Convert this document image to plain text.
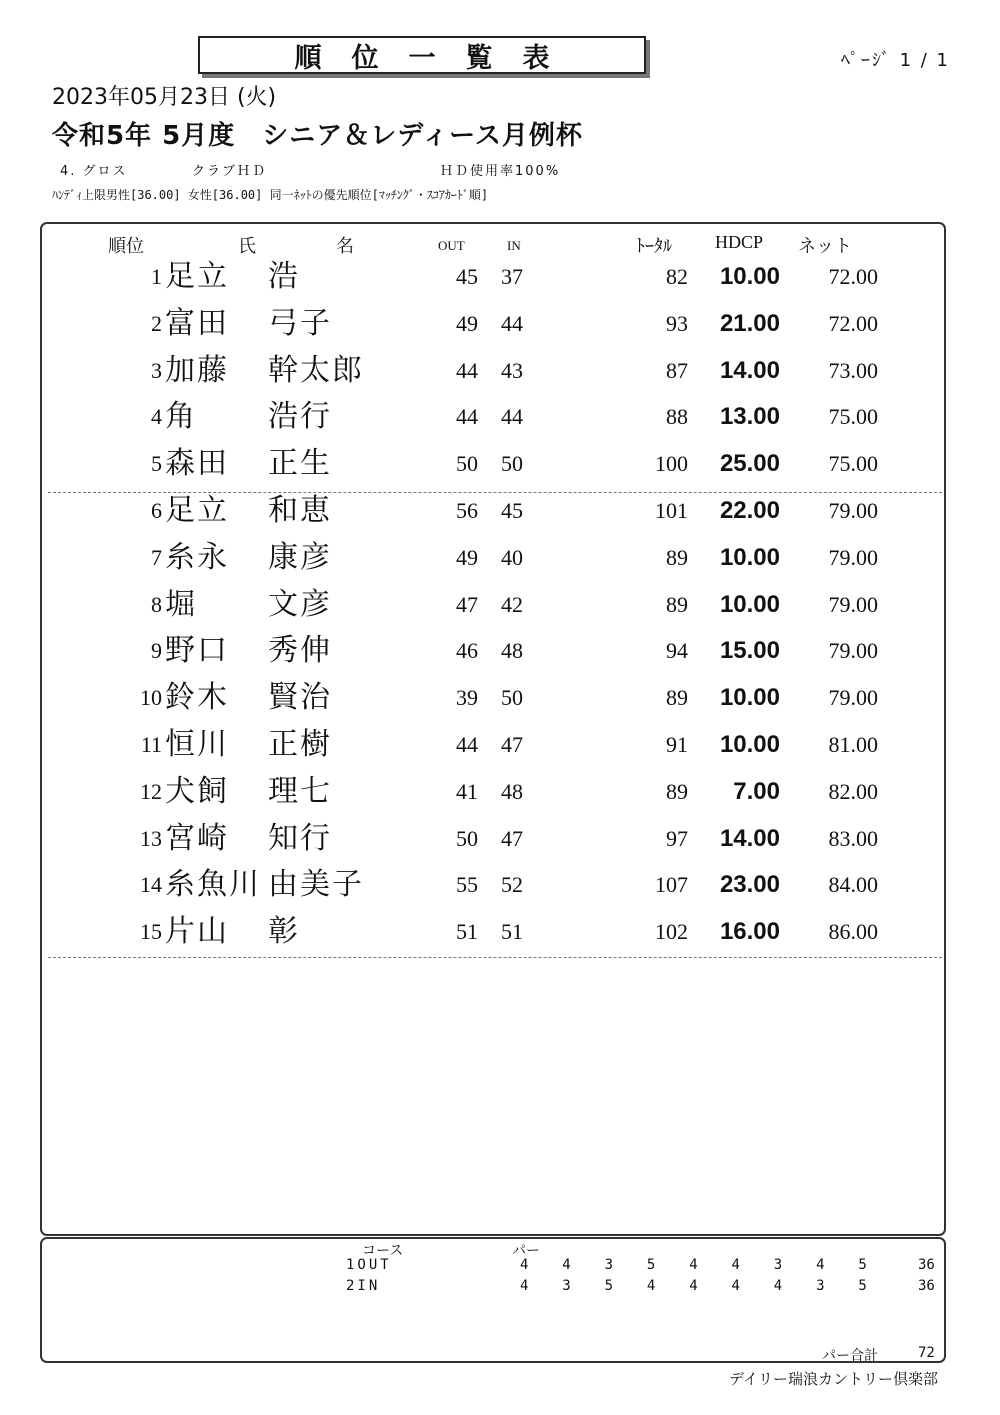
順位一覧表	ﾍﾟｰｼﾞ 1 / 1
2023年05月23日 (火)
令和5年 5月度　シニア＆レディース月例杯
4. グロス	クラブＨＤ	ＨＤ使用率100%
ﾊﾝﾃﾞｨ上限男性[36.00] 女性[36.00] 同一ﾈｯﾄの優先順位[ﾏｯﾁﾝｸﾞ・ｽｺｱｶｰﾄﾞ順]
順位	氏	名	OUT	IN	ﾄｰﾀﾙ HDCP ネット
1 足立 浩	45	37	82	10.00	72.00
2 富田 弓子	49	44	93	21.00	72.00
3 加藤 幹太郎	44	43	87	14.00	73.00
4 角 浩行	44	44	88	13.00	75.00
5 森田 正生	50	50	100	25.00	75.00
6 足立 和恵	56	45	101	22.00	79.00
7 糸永 康彦	49	40	89	10.00	79.00
8 堀 文彦	47	42	89	10.00	79.00
9 野口 秀伸	46	48	94	15.00	79.00
10 鈴木 賢治	39	50	89	10.00	79.00
11 恒川 正樹	44	47	91	10.00	81.00
12 犬飼 理七	41	48	89	7.00	82.00
13 宮崎 知行	50	47	97	14.00	83.00
14 糸魚川 由美子	55	52	107	23.00	84.00
15 片山 彰	51	51	102	16.00	86.00
コース	パー
1OUT	4 4 3 5 4 4 3 4 5	36
2IN	4 3 5 4 4 4 4 3 5	36
パー合計	72
デイリー瑞浪カントリー倶楽部
